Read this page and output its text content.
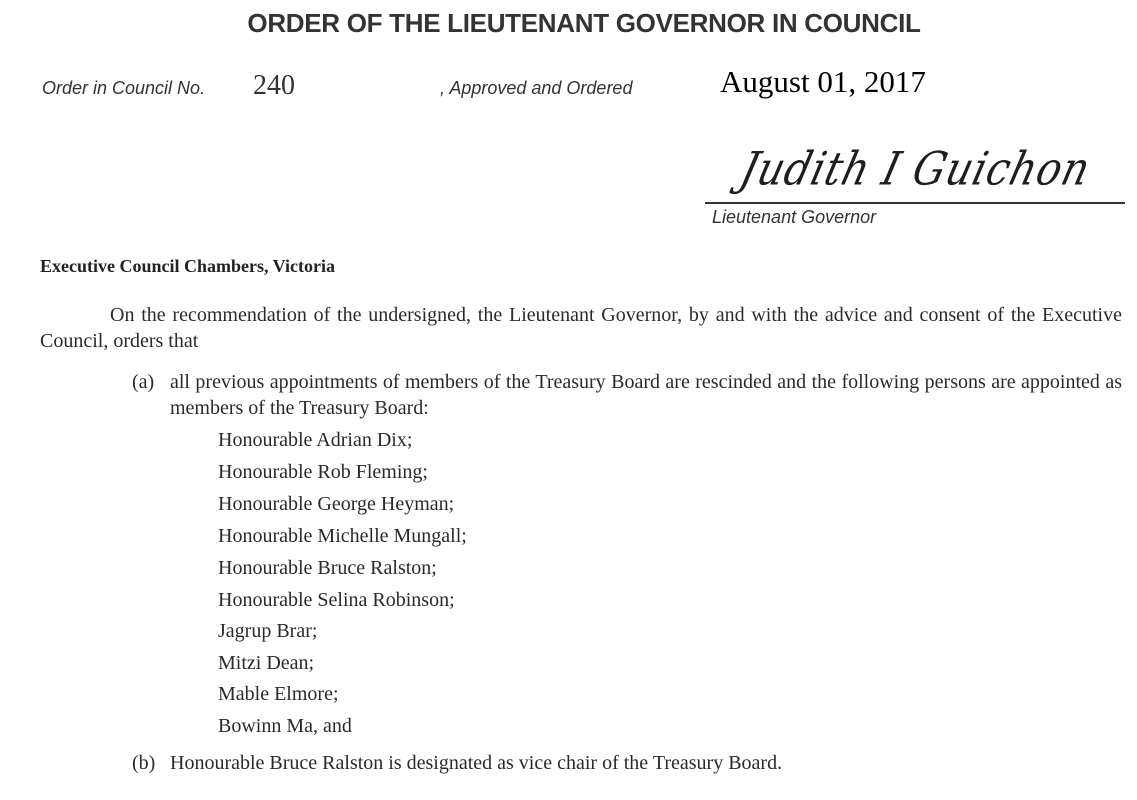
ORDER OF THE LIEUTENANT GOVERNOR IN COUNCIL
Order in Council No. 240	, Approved and Ordered	August 01, 2017
Judith I Guichon
Lieutenant Governor
Executive Council Chambers, Victoria
On the recommendation of the undersigned, the Lieutenant Governor, by and with the advice and consent of the Executive Council, orders that
(a) all previous appointments of members of the Treasury Board are rescinded and the following persons are appointed as members of the Treasury Board:
Honourable Adrian Dix;
Honourable Rob Fleming;
Honourable George Heyman;
Honourable Michelle Mungall;
Honourable Bruce Ralston;
Honourable Selina Robinson;
Jagrup Brar;
Mitzi Dean;
Mable Elmore;
Bowinn Ma, and
(b) Honourable Bruce Ralston is designated as vice chair of the Treasury Board.
